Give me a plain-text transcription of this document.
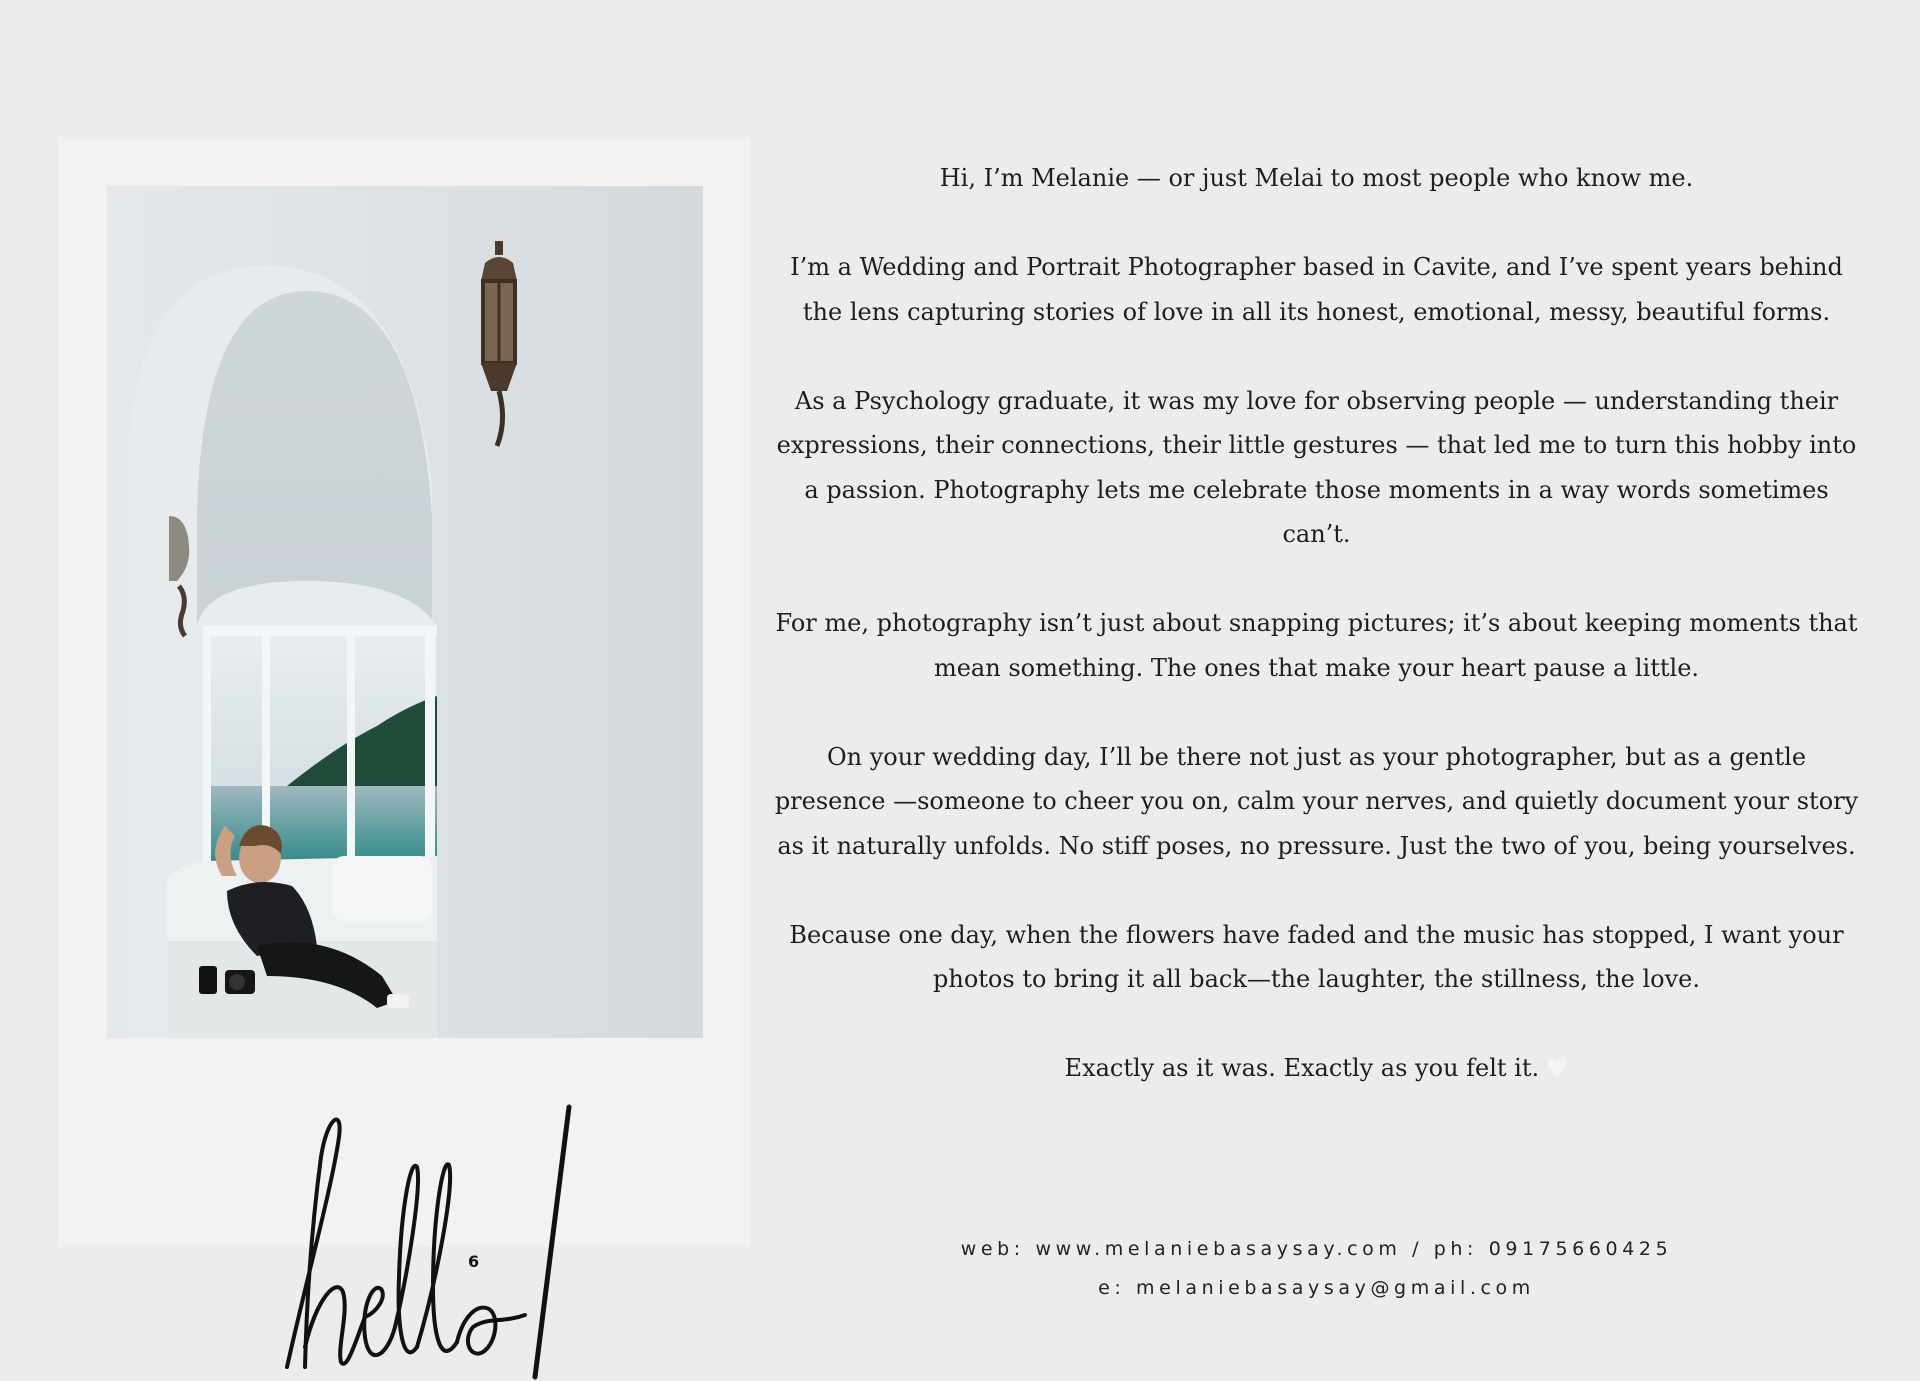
6

Hi, I’m Melanie — or just Melai to most people who know me.

I’m a Wedding and Portrait Photographer based in Cavite, and I’ve spent years behind the lens capturing stories of love in all its honest, emotional, messy, beautiful forms.

As a Psychology graduate, it was my love for observing people — understanding their expressions, their connections, their little gestures — that led me to turn this hobby into a passion. Photography lets me celebrate those moments in a way words sometimes can’t.

For me, photography isn’t just about snapping pictures; it’s about keeping moments that mean something. The ones that make your heart pause a little.

On your wedding day, I’ll be there not just as your photographer, but as a gentle presence —someone to cheer you on, calm your nerves, and quietly document your story as it naturally unfolds. No stiff poses, no pressure. Just the two of you, being yourselves.

Because one day, when the flowers have faded and the music has stopped, I want your photos to bring it all back—the laughter, the stillness, the love.

Exactly as it was. Exactly as you felt it. ♥

web: www.melaniebasaysay.com / ph: 09175660425
e: melaniebasaysay@gmail.com
